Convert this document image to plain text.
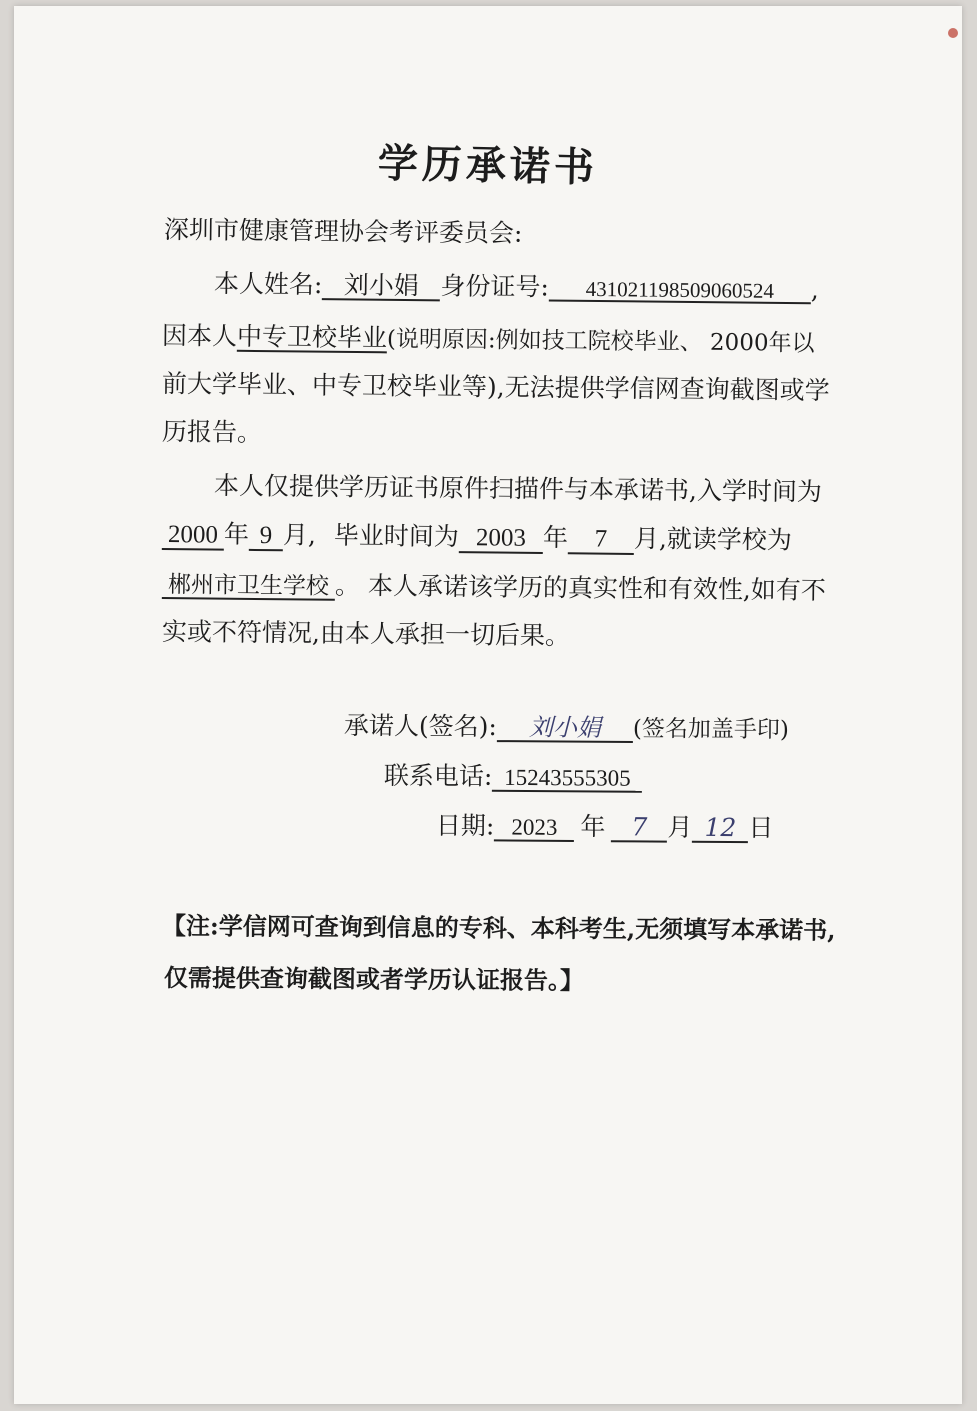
学历承诺书
深圳市健康管理协会考评委员会:
本人姓名: 刘小娟 身份证号: 431021198509060524 ,
因本人中专卫校毕业(说明原因:例如技工院校毕业、 2000年以
前大学毕业、中专卫校毕业等),无法提供学信网查询截图或学
历报告。
本人仅提供学历证书原件扫描件与本承诺书,入学时间为
2000 年 9 月, 毕业时间为 2003 年 7 月,就读学校为
郴州市卫生学校 。 本人承诺该学历的真实性和有效性,如有不
实或不符情况,由本人承担一切后果。
承诺人(签名): 刘小娟 (签名加盖手印)
联系电话: 15243555305
日期: 2023 年 7 月 12 日
【注:学信网可查询到信息的专科、本科考生,无须填写本承诺书,
仅需提供查询截图或者学历认证报告。】
